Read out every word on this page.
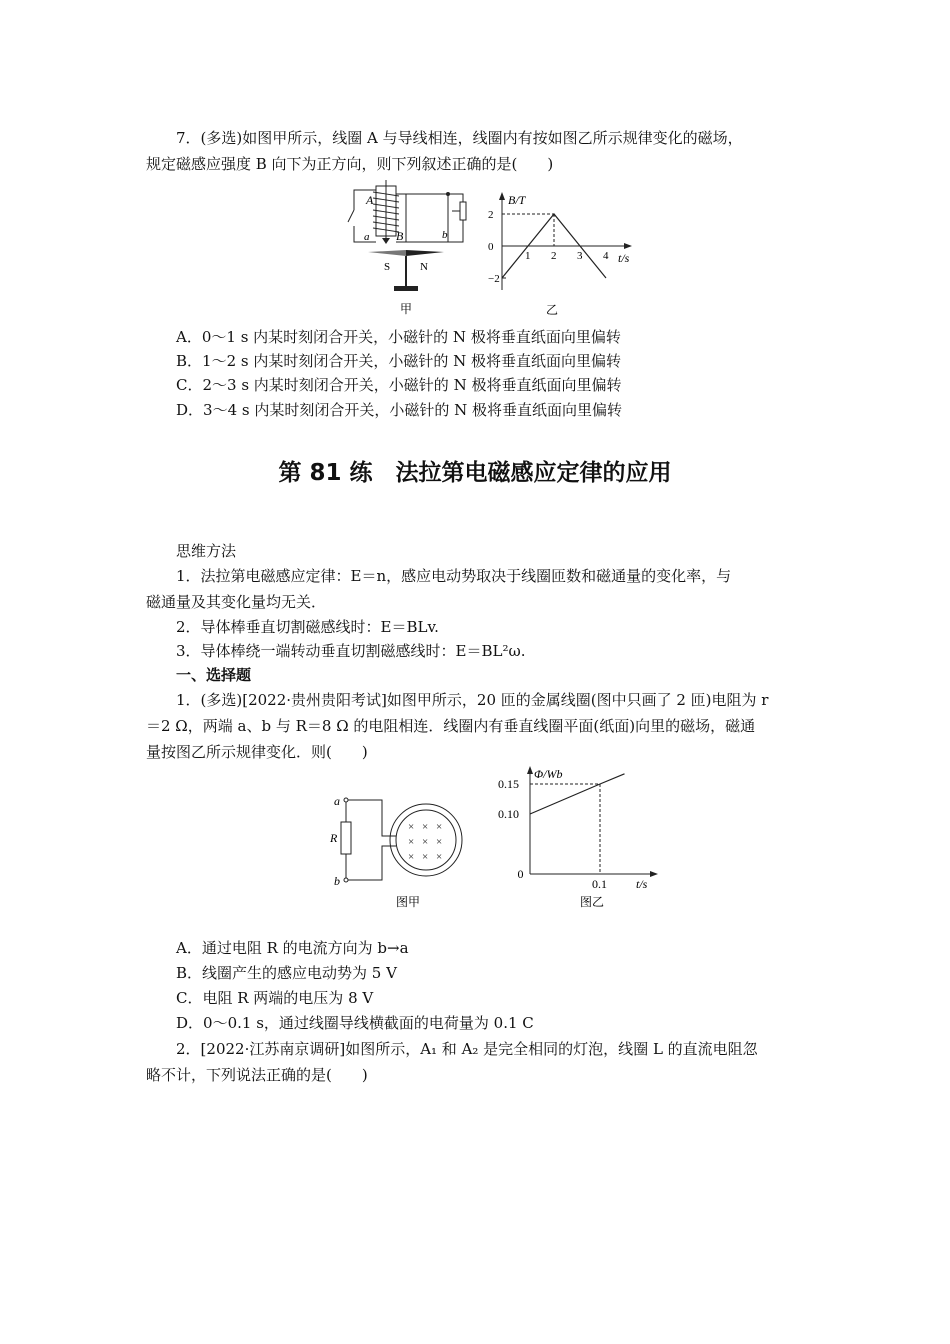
7．(多选)如图甲所示，线圈 A 与导线相连，线圈内有按如图乙所示规律变化的磁场，
规定磁感应强度 B 向下为正方向，则下列叙述正确的是(　　)
A
B
a	b
S	N
甲
B/T
t/s
2
0
−2
1 2 3 4
乙
A．0～1 s 内某时刻闭合开关，小磁针的 N 极将垂直纸面向里偏转
B．1～2 s 内某时刻闭合开关，小磁针的 N 极将垂直纸面向里偏转
C．2～3 s 内某时刻闭合开关，小磁针的 N 极将垂直纸面向里偏转
D．3～4 s 内某时刻闭合开关，小磁针的 N 极将垂直纸面向里偏转
第 81 练　法拉第电磁感应定律的应用
思维方法
1．法拉第电磁感应定律：E＝n，感应电动势取决于线圈匝数和磁通量的变化率，与
磁通量及其变化量均无关．
2．导体棒垂直切割磁感线时：E＝BLv.
3．导体棒绕一端转动垂直切割磁感线时：E＝BL²ω.
一、选择题
1．(多选)[2022·贵州贵阳考试]如图甲所示，20 匝的金属线圈(图中只画了 2 匝)电阻为 r
＝2 Ω，两端 a、b 与 R＝8 Ω 的电阻相连．线圈内有垂直线圈平面(纸面)向里的磁场，磁通
量按图乙所示规律变化．则(　　)
× × ×
× × ×
× × ×
a
b
R
图甲
Φ/Wb
t/s
0.15
0.10
0
0.1
图乙
A．通过电阻 R 的电流方向为 b→a
B．线圈产生的感应电动势为 5 V
C．电阻 R 两端的电压为 8 V
D．0～0.1 s，通过线圈导线横截面的电荷量为 0.1 C
2．[2022·江苏南京调研]如图所示，A₁ 和 A₂ 是完全相同的灯泡，线圈 L 的直流电阻忽
略不计，下列说法正确的是(　　)
